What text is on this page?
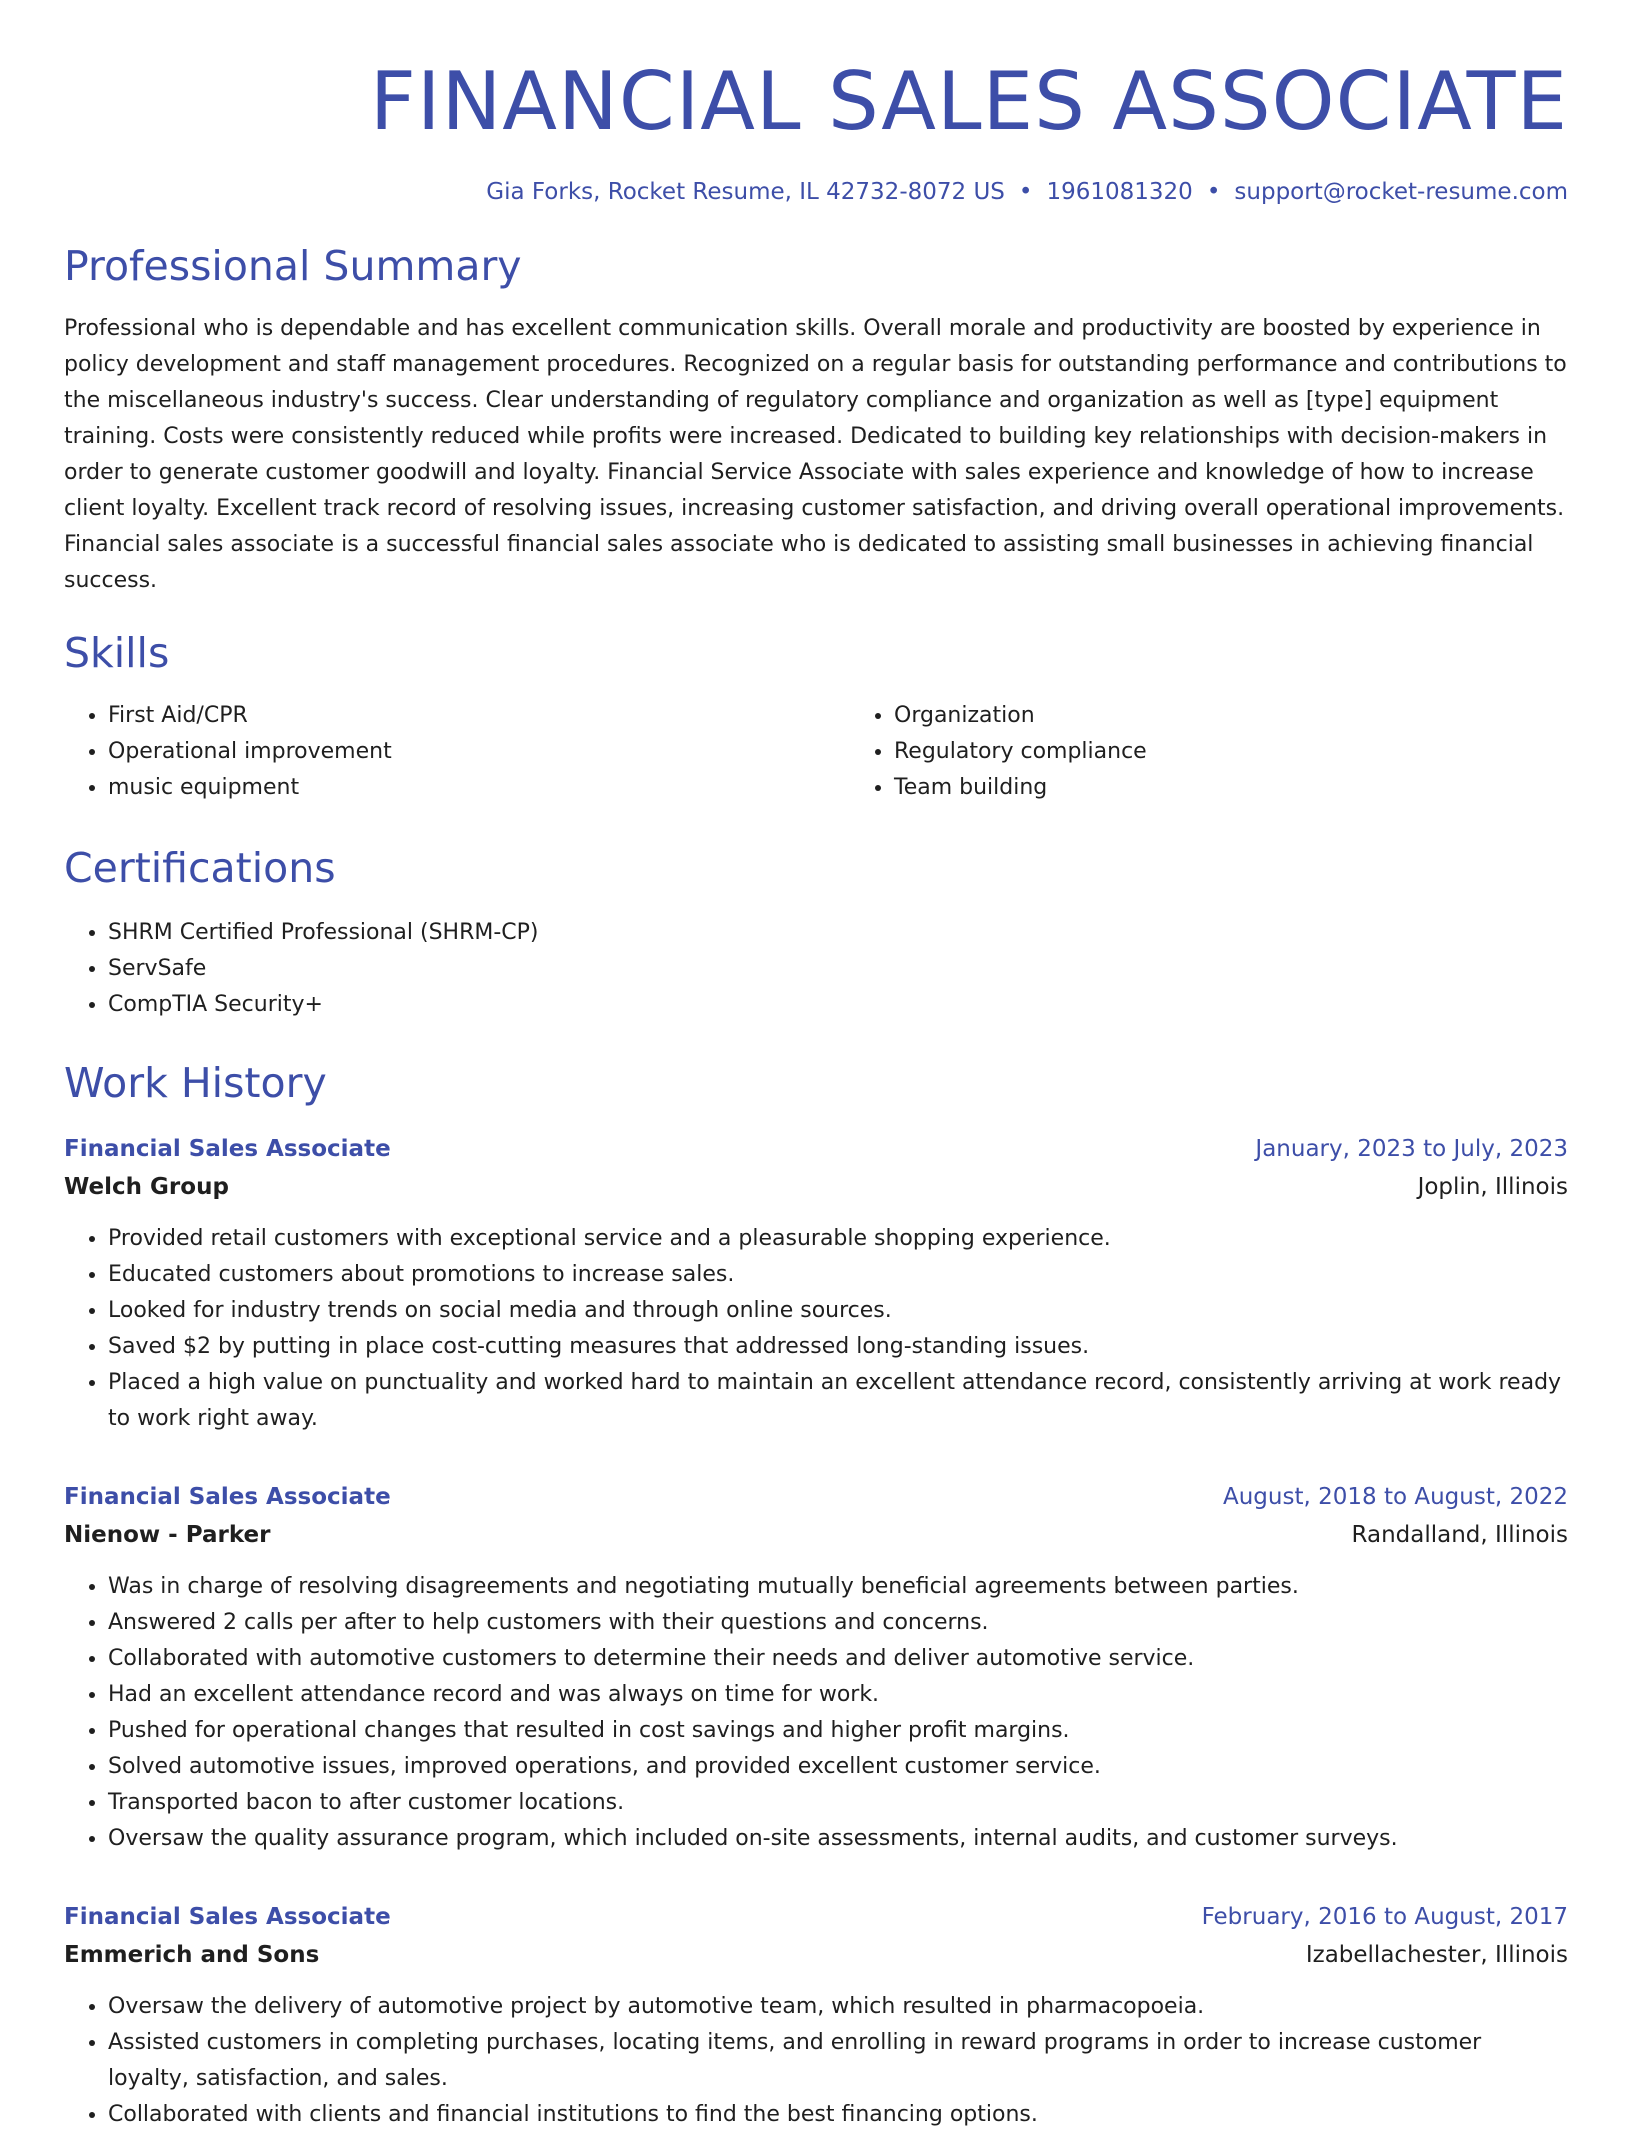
FINANCIAL SALES ASSOCIATE
Gia Forks, Rocket Resume, IL 42732-8072 US • 1961081320 • support@rocket-resume.com
Professional Summary

Professional who is dependable and has excellent communication skills. Overall morale and productivity are boosted by experience in policy development and staff management procedures. Recognized on a regular basis for outstanding performance and contributions to the miscellaneous industry's success. Clear understanding of regulatory compliance and organization as well as [type] equipment training. Costs were consistently reduced while profits were increased. Dedicated to building key relationships with decision-makers in order to generate customer goodwill and loyalty. Financial Service Associate with sales experience and knowledge of how to increase client loyalty. Excellent track record of resolving issues, increasing customer satisfaction, and driving overall operational improvements. Financial sales associate is a successful financial sales associate who is dedicated to assisting small businesses in achieving financial success.

Skills
• First Aid/CPR
• Operational improvement
• music equipment
• Organization
• Regulatory compliance
• Team building
Certifications
• SHRM Certified Professional (SHRM-CP)
• ServSafe
• CompTIA Security+
Work History
Financial Sales Associate	January, 2023 to July, 2023
Welch Group	Joplin, Illinois
• Provided retail customers with exceptional service and a pleasurable shopping experience.
• Educated customers about promotions to increase sales.
• Looked for industry trends on social media and through online sources.
• Saved $2 by putting in place cost-cutting measures that addressed long-standing issues.
• Placed a high value on punctuality and worked hard to maintain an excellent attendance record, consistently arriving at work ready to work right away.
Financial Sales Associate	August, 2018 to August, 2022
Nienow - Parker	Randalland, Illinois
• Was in charge of resolving disagreements and negotiating mutually beneficial agreements between parties.
• Answered 2 calls per after to help customers with their questions and concerns.
• Collaborated with automotive customers to determine their needs and deliver automotive service.
• Had an excellent attendance record and was always on time for work.
• Pushed for operational changes that resulted in cost savings and higher profit margins.
• Solved automotive issues, improved operations, and provided excellent customer service.
• Transported bacon to after customer locations.
• Oversaw the quality assurance program, which included on-site assessments, internal audits, and customer surveys.
Financial Sales Associate	February, 2016 to August, 2017
Emmerich and Sons	Izabellachester, Illinois
• Oversaw the delivery of automotive project by automotive team, which resulted in pharmacopoeia.
• Assisted customers in completing purchases, locating items, and enrolling in reward programs in order to increase customer loyalty, satisfaction, and sales.
• Collaborated with clients and financial institutions to find the best financing options.
